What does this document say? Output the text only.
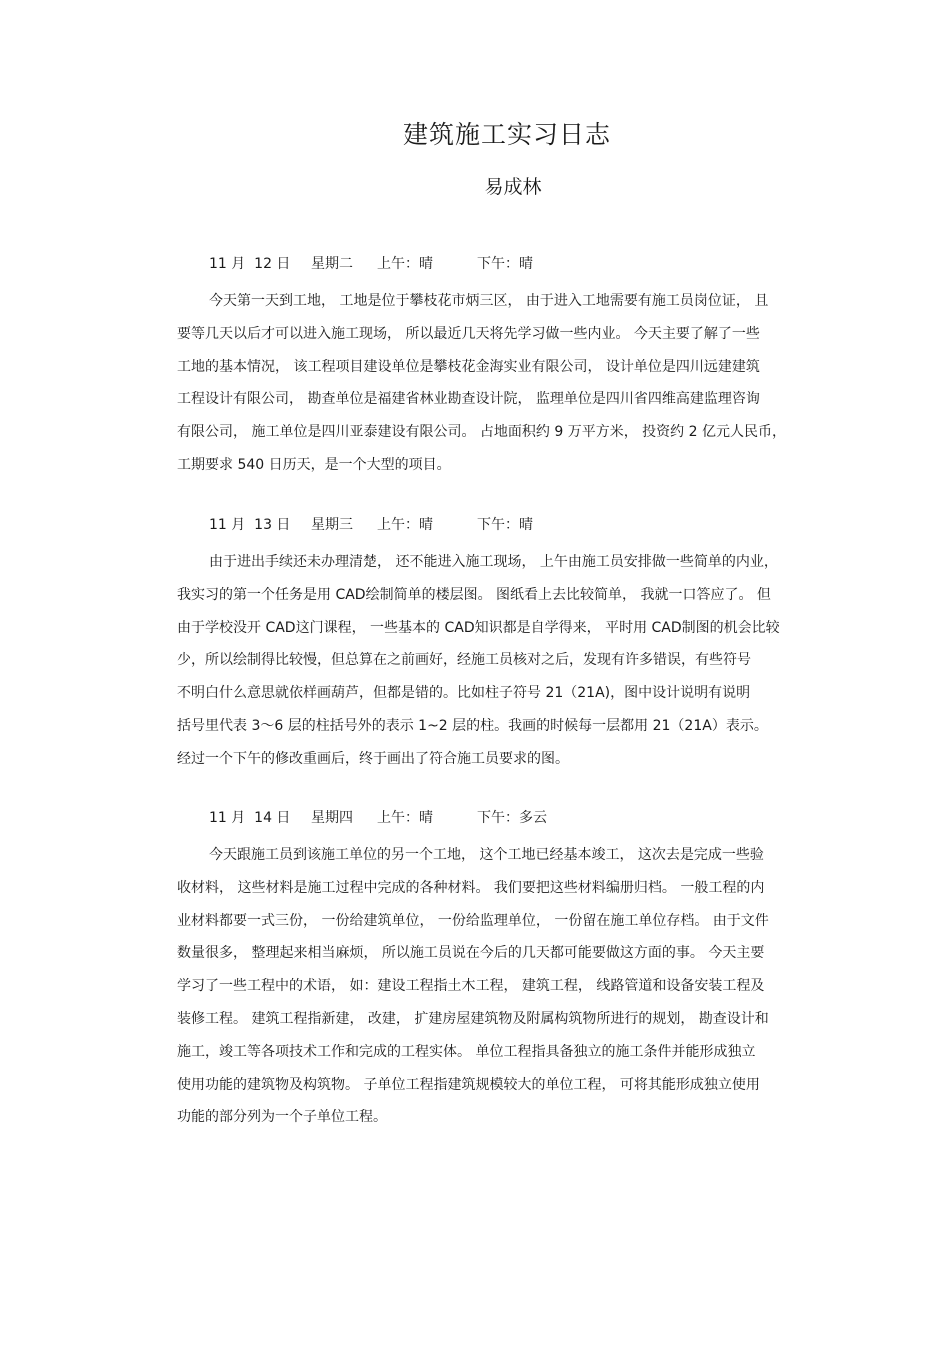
建筑施工实习日志
易成林
11 月  12 日 星期二 上午：晴	下午：晴
今天第一天到工地， 工地是位于攀枝花市炳三区， 由于进入工地需要有施工员岗位证， 且
要等几天以后才可以进入施工现场， 所以最近几天将先学习做一些内业。 今天主要了解了一些
工地的基本情况， 该工程项目建设单位是攀枝花金海实业有限公司， 设计单位是四川远建建筑
工程设计有限公司， 勘查单位是福建省林业勘查设计院， 监理单位是四川省四维高建监理咨询
有限公司， 施工单位是四川亚泰建设有限公司。 占地面积约 9 万平方米， 投资约 2 亿元人民币，
工期要求 540 日历天，是一个大型的项目。
11 月  13 日 星期三 上午：晴	下午：晴
由于进出手续还未办理清楚， 还不能进入施工现场， 上午由施工员安排做一些简单的内业，
我实习的第一个任务是用 CAD绘制简单的楼层图。 图纸看上去比较简单， 我就一口答应了。 但
由于学校没开 CAD这门课程， 一些基本的 CAD知识都是自学得来， 平时用 CAD制图的机会比较
少，所以绘制得比较慢，但总算在之前画好，经施工员核对之后，发现有许多错误，有些符号
不明白什么意思就依样画葫芦，但都是错的。比如柱子符号 21（21A)，图中设计说明有说明
括号里代表 3～6 层的柱括号外的表示 1~2 层的柱。我画的时候每一层都用 21（21A）表示。
经过一个下午的修改重画后，终于画出了符合施工员要求的图。
11 月  14 日 星期四 上午：晴	下午：多云
今天跟施工员到该施工单位的另一个工地， 这个工地已经基本竣工， 这次去是完成一些验
收材料， 这些材料是施工过程中完成的各种材料。 我们要把这些材料编册归档。 一般工程的内
业材料都要一式三份， 一份给建筑单位， 一份给监理单位， 一份留在施工单位存档。 由于文件
数量很多， 整理起来相当麻烦， 所以施工员说在今后的几天都可能要做这方面的事。 今天主要
学习了一些工程中的术语， 如：建设工程指土木工程， 建筑工程， 线路管道和设备安装工程及
装修工程。 建筑工程指新建， 改建， 扩建房屋建筑物及附属构筑物所进行的规划， 勘查设计和
施工，竣工等各项技术工作和完成的工程实体。 单位工程指具备独立的施工条件并能形成独立
使用功能的建筑物及构筑物。 子单位工程指建筑规模较大的单位工程， 可将其能形成独立使用
功能的部分列为一个子单位工程。
